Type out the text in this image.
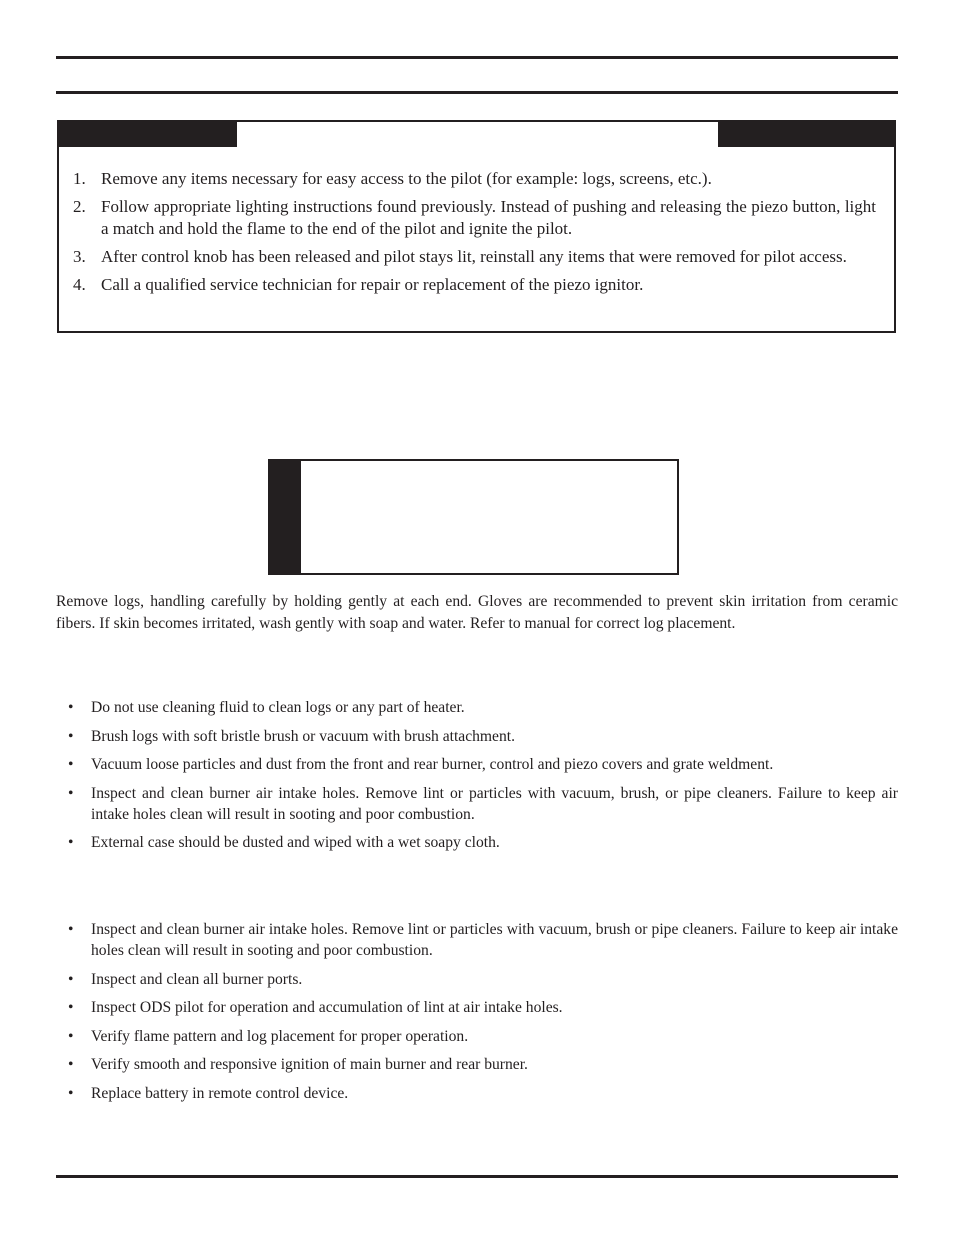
1. Remove any items necessary for easy access to the pilot (for example: logs, screens, etc.).
2. Follow appropriate lighting instructions found previously. Instead of pushing and releasing the piezo button, light a match and hold the flame to the end of the pilot and ignite the pilot.
3. After control knob has been released and pilot stays lit, reinstall any items that were removed for pilot access.
4. Call a qualified service technician for repair or replacement of the piezo ignitor.

Remove logs, handling carefully by holding gently at each end. Gloves are recommended to prevent skin irritation from ceramic fibers. If skin becomes irritated, wash gently with soap and water. Refer to manual for correct log placement.

• Do not use cleaning fluid to clean logs or any part of heater.
• Brush logs with soft bristle brush or vacuum with brush attachment.
• Vacuum loose particles and dust from the front and rear burner, control and piezo covers and grate weldment.
• Inspect and clean burner air intake holes. Remove lint or particles with vacuum, brush, or pipe cleaners. Failure to keep air intake holes clean will result in sooting and poor combustion.
• External case should be dusted and wiped with a wet soapy cloth.
• Inspect and clean burner air intake holes. Remove lint or particles with vacuum, brush or pipe cleaners. Failure to keep air intake holes clean will result in sooting and poor combustion.
• Inspect and clean all burner ports.
• Inspect ODS pilot for operation and accumulation of lint at air intake holes.
• Verify flame pattern and log placement for proper operation.
• Verify smooth and responsive ignition of main burner and rear burner.
• Replace battery in remote control device.
